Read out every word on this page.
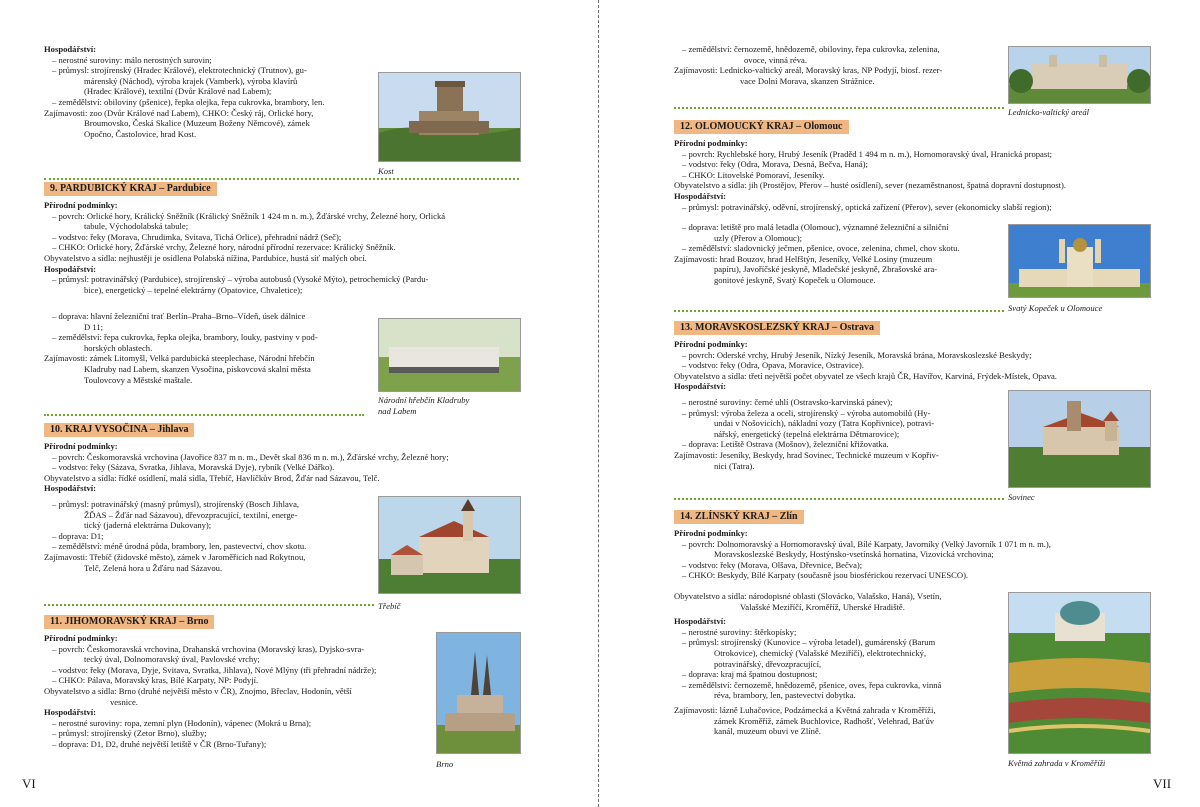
Hospodářství:
– nerostné suroviny: málo nerostných surovin;
– průmysl: strojírenský (Hradec Králové), elektrotechnický (Trutnov), gu-
márenský (Náchod), výroba krajek (Vamberk), výroba klavírů
(Hradec Králové), textilní (Dvůr Králové nad Labem);
– zemědělství: obiloviny (pšenice), řepka olejka, řepa cukrovka, brambory, len.
Zajímavosti: zoo (Dvůr Králové nad Labem), CHKO: Český ráj, Orlické hory,
Broumovsko, Česká Skalice (Muzeum Boženy Němcové), zámek
Opočno, Častolovice, hrad Kost.
Kost
9. PARDUBICKÝ KRAJ – Pardubice
Přírodní podmínky:
– povrch: Orlické hory, Králický Sněžník (Králický Sněžník 1 424 m n. m.), Žďárské vrchy, Železné hory, Orlická
tabule, Východolabská tabule;
– vodstvo: řeky (Morava, Chrudimka, Svitava, Tichá Orlice), přehradní nádrž (Seč);
– CHKO: Orlické hory, Žďárské vrchy, Železné hory, národní přírodní rezervace: Králický Sněžník.
Obyvatelstvo a sídla: nejhustěji je osídlena Polabská nížina, Pardubice, hustá síť malých obcí.
Hospodářství:
– průmysl: potravinářský (Pardubice), strojírenský – výroba autobusů (Vysoké Mýto), petrochemický (Pardu-
bice), energetický – tepelné elektrárny (Opatovice, Chvaletice);
– doprava: hlavní železniční trať Berlín–Praha–Brno–Vídeň, úsek dálnice
D 11;
– zemědělství: řepa cukrovka, řepka olejka, brambory, louky, pastviny v pod-
horských oblastech.
Zajímavosti: zámek Litomyšl, Velká pardubická steeplechase, Národní hřebčín
Kladruby nad Labem, skanzen Vysočina, pískovcová skalní města
Toulovcovy a Městské maštale.
Národní hřebčín Kladruby
nad Labem
10. KRAJ VYSOČINA – Jihlava
Přírodní podmínky:
– povrch: Českomoravská vrchovina (Javořice 837 m n. m., Devět skal 836 m n. m.), Žďárské vrchy, Železné hory;
– vodstvo: řeky (Sázava, Svratka, Jihlava, Moravská Dyje), rybník (Velké Dářko).
Obyvatelstvo a sídla: řídké osídlení, malá sídla, Třebíč, Havlíčkův Brod, Žďár nad Sázavou, Telč.
Hospodářství:
– průmysl: potravinářský (masný průmysl), strojírenský (Bosch Jihlava,
ŽĎAS – Žďár nad Sázavou), dřevozpracující, textilní, energe-
tický (jaderná elektrárna Dukovany);
– doprava: D1;
– zemědělství: méně úrodná půda, brambory, len, pastevectví, chov skotu.
Zajímavosti: Třebíč (židovské město), zámek v Jaroměřicích nad Rokytnou,
Telč, Zelená hora u Žďáru nad Sázavou.
Třebíč
11. JIHOMORAVSKÝ KRAJ – Brno
Přírodní podmínky:
– povrch: Českomoravská vrchovina, Drahanská vrchovina (Moravský kras), Dyjsko-svra-
tecký úval, Dolnomoravský úval, Pavlovské vrchy;
– vodstvo: řeky (Morava, Dyje, Svitava, Svratka, Jihlava), Nové Mlýny (tři přehradní nádrže);
– CHKO: Pálava, Moravský kras, Bílé Karpaty, NP: Podyjí.
Obyvatelstvo a sídla: Brno (druhé největší město v ČR), Znojmo, Břeclav, Hodonín, větší
vesnice.
Hospodářství:
– nerostné suroviny: ropa, zemní plyn (Hodonín), vápenec (Mokrá u Brna);
– průmysl: strojírenský (Zetor Brno), služby;
– doprava: D1, D2, druhé největší letiště v ČR (Brno-Tuřany);
Brno
VI
– zemědělství: černozemě, hnědozemě, obiloviny, řepa cukrovka, zelenina,
ovoce, vinná réva.
Zajímavosti: Lednicko-valtický areál, Moravský kras, NP Podyjí, biosf. rezer-
vace Dolní Morava, skanzen Strážnice.
Lednicko-valtický areál
12. OLOMOUCKÝ KRAJ – Olomouc
Přírodní podmínky:
– povrch: Rychlebské hory, Hrubý Jeseník (Praděd 1 494 m n. m.), Hornomoravský úval, Hranická propast;
– vodstvo: řeky (Odra, Morava, Desná, Bečva, Haná);
– CHKO: Litovelské Pomoraví, Jeseníky.
Obyvatelstvo a sídla: jih (Prostějov, Přerov – husté osídlení), sever (nezaměstnanost, špatná dopravní dostupnost).
Hospodářství:
– průmysl: potravinářský, oděvní, strojírenský, optická zařízení (Přerov), sever (ekonomicky slabší region);
– doprava: letiště pro malá letadla (Olomouc), významné železniční a silniční
uzly (Přerov a Olomouc);
– zemědělství: sladovnický ječmen, pšenice, ovoce, zelenina, chmel, chov skotu.
Zajímavosti: hrad Bouzov, hrad Helfštýn, Jeseníky, Velké Losiny (muzeum
papíru), Javoříčské jeskyně, Mladečské jeskyně, Zbrašovské ara-
gonitové jeskyně, Svatý Kopeček u Olomouce.
Svatý Kopeček u Olomouce
13. MORAVSKOSLEZSKÝ KRAJ – Ostrava
Přírodní podmínky:
– povrch: Oderské vrchy, Hrubý Jeseník, Nízký Jeseník, Moravská brána, Moravskoslezské Beskydy;
– vodstvo: řeky (Odra, Opava, Moravice, Ostravice).
Obyvatelstvo a sídla: třetí největší počet obyvatel ze všech krajů ČR, Havířov, Karviná, Frýdek-Místek, Opava.
Hospodářství:
– nerostné suroviny: černé uhlí (Ostravsko-karvinská pánev);
– průmysl: výroba železa a oceli, strojírenský – výroba automobilů (Hy-
undai v Nošovicích), nákladní vozy (Tatra Kopřivnice), potravi-
nářský, energetický (tepelná elektrárna Dětmarovice);
– doprava: Letiště Ostrava (Mošnov), železniční křižovatka.
Zajímavosti: Jeseníky, Beskydy, hrad Sovinec, Technické muzeum v Kopřiv-
nici (Tatra).
Sovinec
14. ZLÍNSKÝ KRAJ – Zlín
Přírodní podmínky:
– povrch: Dolnomoravský a Hornomoravský úval, Bílé Karpaty, Javorníky (Velký Javorník 1 071 m n. m.),
Moravskoslezské Beskydy, Hostýnsko-vsetínská hornatina, Vizovická vrchovina;
– vodstvo: řeky (Morava, Olšava, Dřevnice, Bečva);
– CHKO: Beskydy, Bílé Karpaty (současně jsou biosférickou rezervací UNESCO).
Obyvatelstvo a sídla: národopisné oblasti (Slovácko, Valašsko, Haná), Vsetín,
Valašské Meziříčí, Kroměříž, Uherské Hradiště.
Hospodářství:
– nerostné suroviny: štěrkopísky;
– průmysl: strojírenský (Kunovice – výroba letadel), gumárenský (Barum
Otrokovice), chemický (Valašské Meziříčí), elektrotechnický,
potravinářský, dřevozpracující,
– doprava: kraj má špatnou dostupnost;
– zemědělství: černozemě, hnědozemě, pšenice, oves, řepa cukrovka, vinná
réva, brambory, len, pastevectví dobytka.
Zajímavosti: lázně Luhačovice, Podzámecká a Květná zahrada v Kroměříži,
zámek Kroměříž, zámek Buchlovice, Radhošť, Velehrad, Baťův
kanál, muzeum obuvi ve Zlíně.
Květná zahrada v Kroměříži
VII
